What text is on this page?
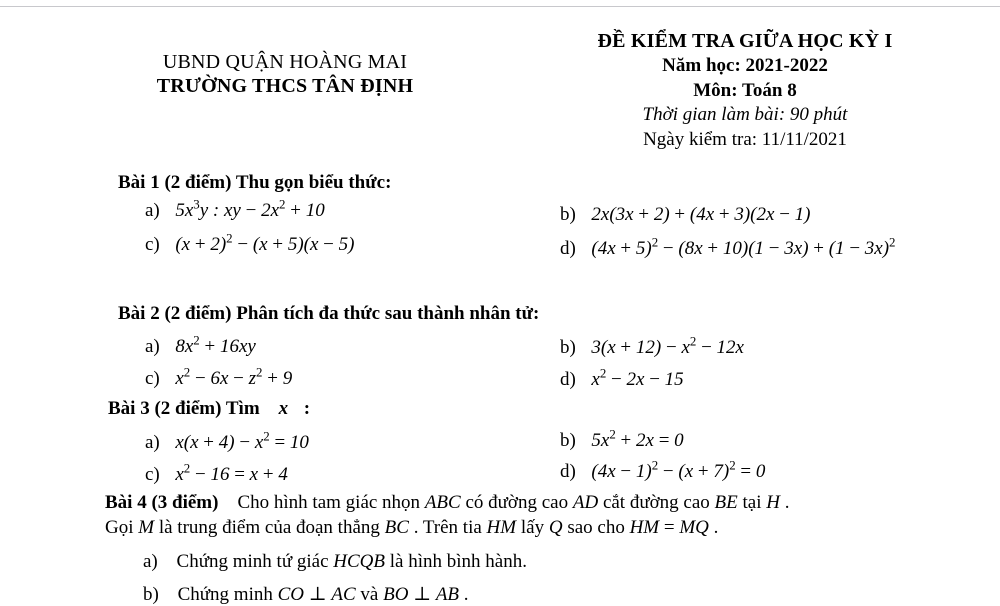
UBND QUẬN HOÀNG MAI
TRƯỜNG THCS TÂN ĐỊNH
ĐỀ KIỂM TRA GIỮA HỌC KỲ I
Năm học: 2021-2022
Môn: Toán 8
Thời gian làm bài: 90 phút
Ngày kiểm tra: 11/11/2021
Bài 1 (2 điểm) Thu gọn biểu thức:
a) $5x^3y$ : xy − $2x^2 + 10$	b) 2x(3x + 2) + (4x + 3)(2x − 1)
c) $(x + 2)^2 - (x + 5)(x - 5)$	d) $(4x + 5)^2 - (8x + 10)(1 - 3x) + (1 - 3x)^2$
Bài 2 (2 điểm) Phân tích đa thức sau thành nhân tử:
a) $8x^2 + 16xy$	b) $3(x + 12) - x^2 - 12x$
c) $x^2 - 6x - z^2 + 9$	d) $x^2 - 2x - 15$
Bài 3 (2 điểm) Tìm x :
a) $x(x + 4) - x^2 = 10$	b) $5x^2 + 2x = 0$
c) $x^2 - 16 = x + 4$	d) $(4x - 1)^2 - (x + 7)^2 = 0$
Bài 4 (3 điểm) Cho hình tam giác nhọn ABC có đường cao AD cắt đường cao BE tại H .
Gọi M là trung điểm của đoạn thẳng BC . Trên tia HM lấy Q sao cho HM = MQ .
a) Chứng minh tứ giác HCQB là hình bình hành.
b) Chứng minh CO ⊥ AC và BO ⊥ AB .
